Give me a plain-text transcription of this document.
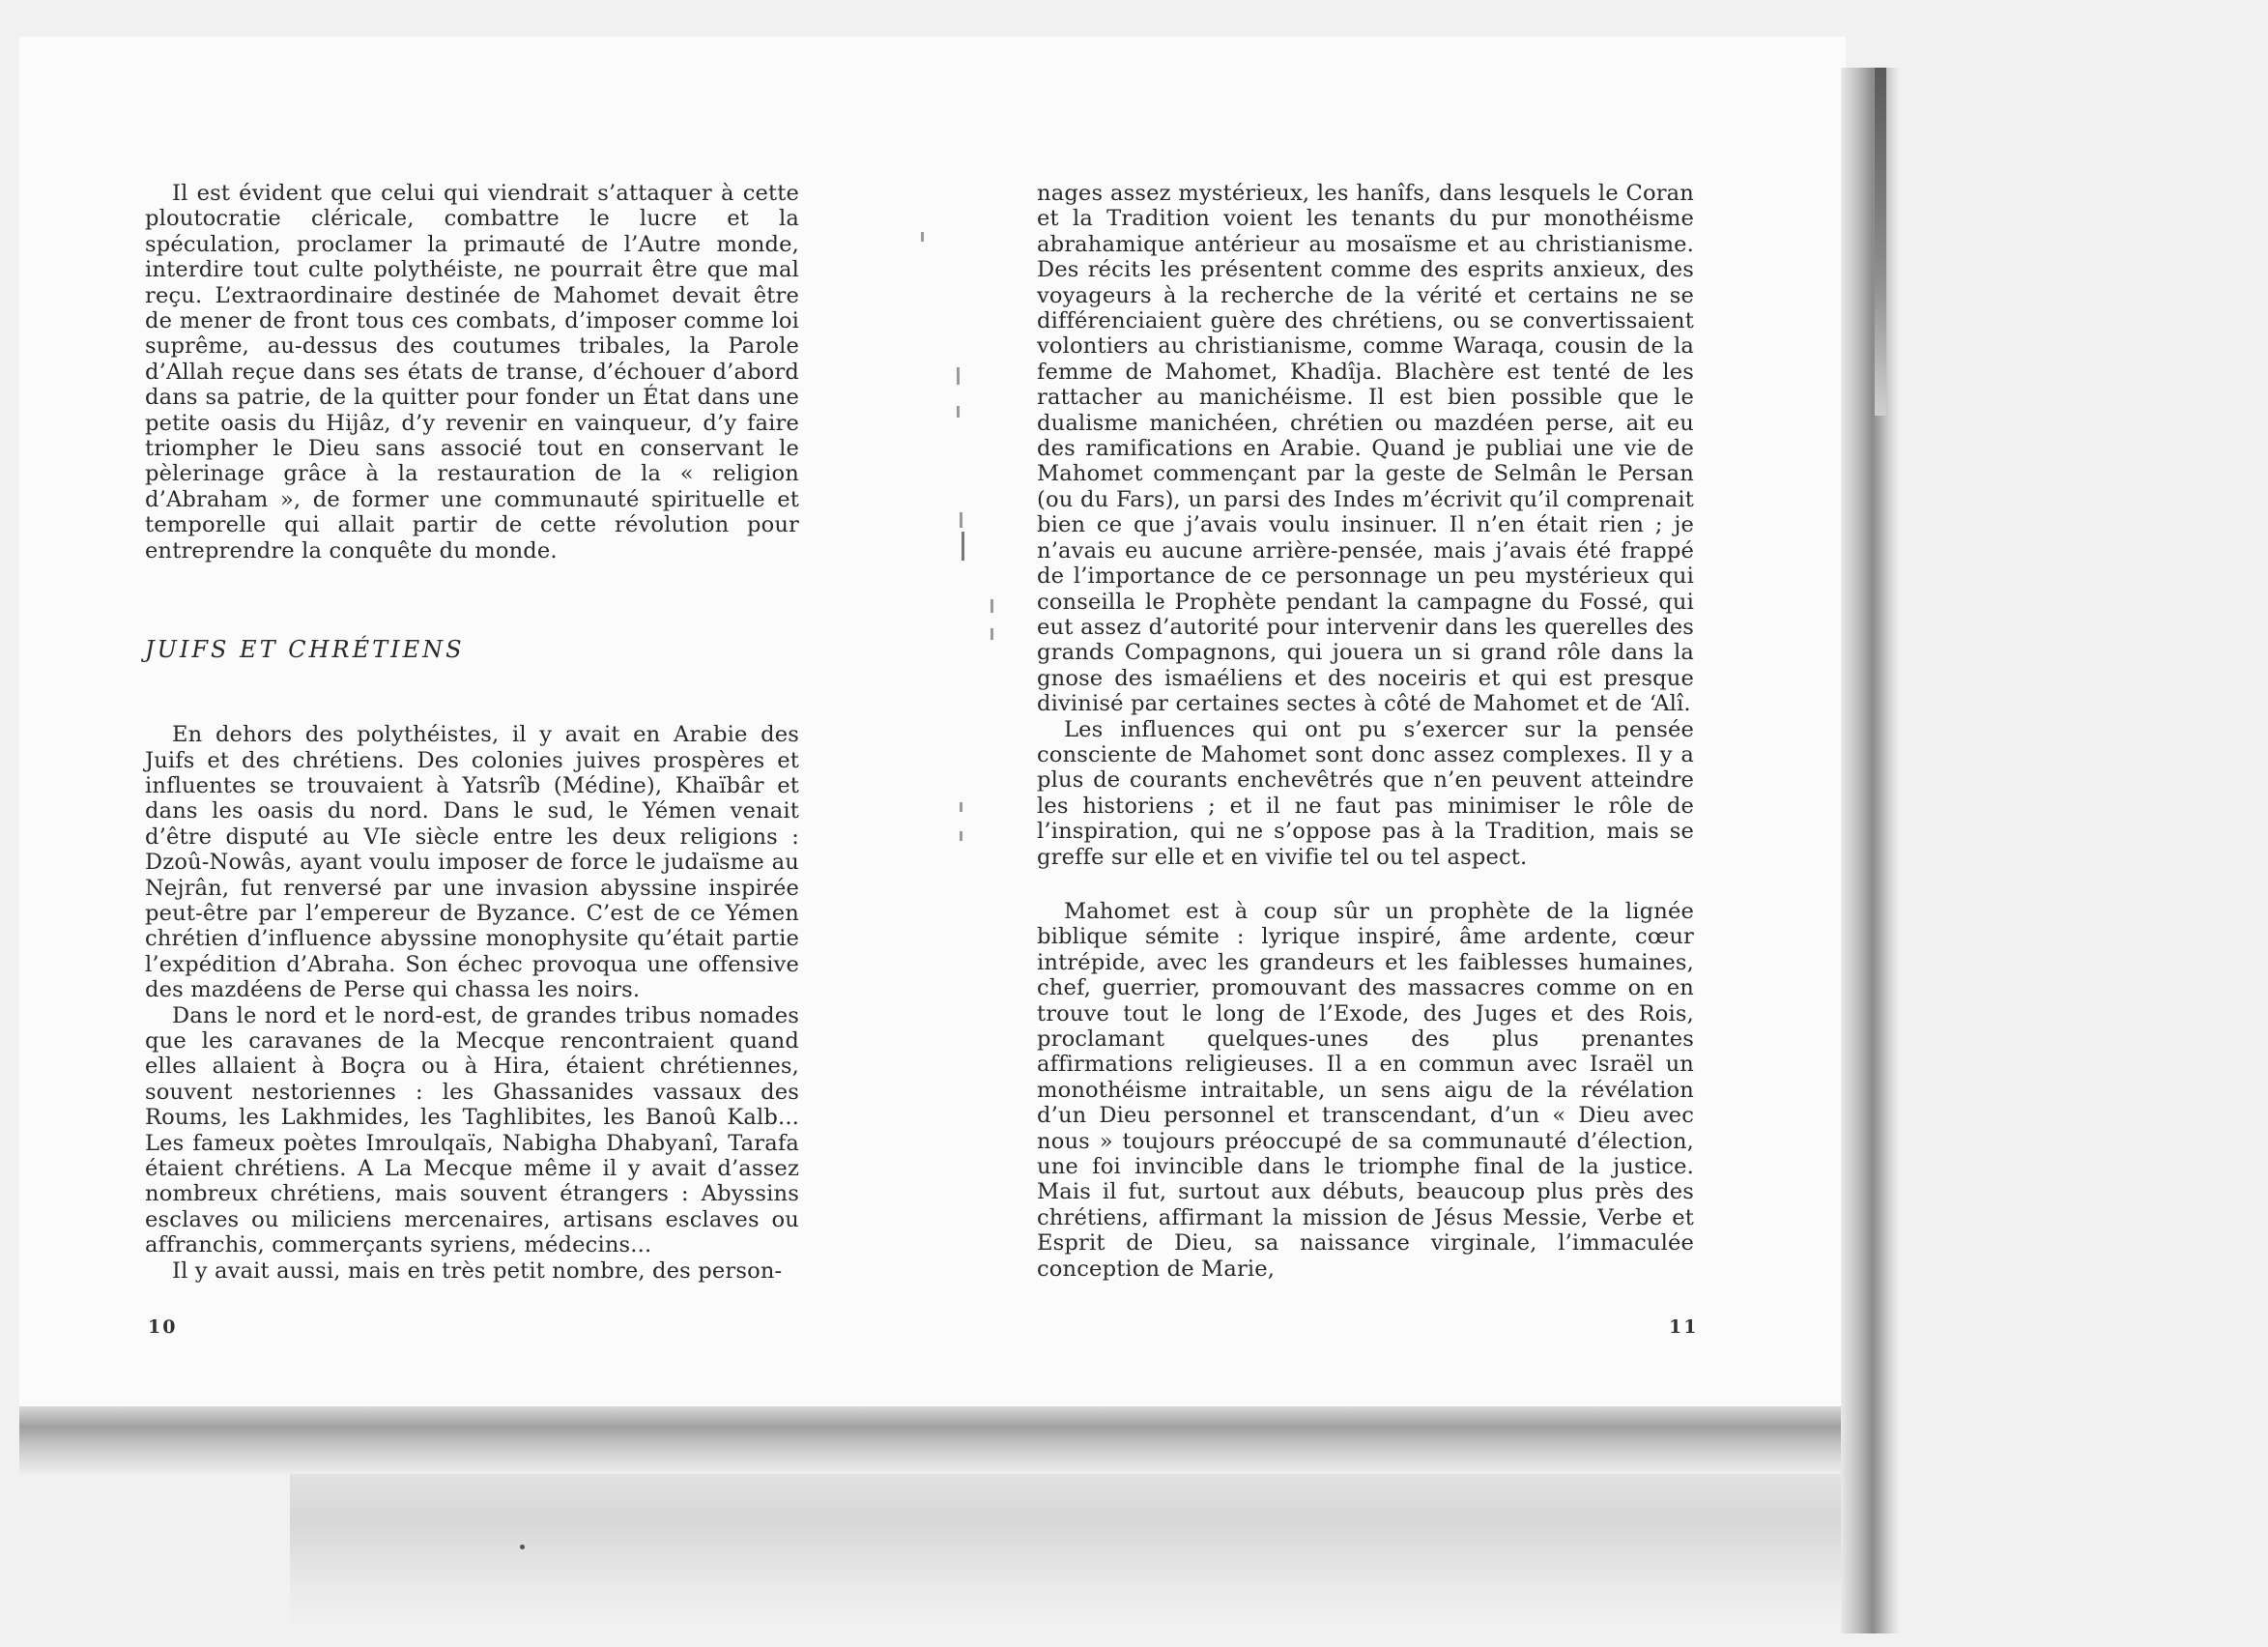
Il est évident que celui qui viendrait s’attaquer à cette ploutocratie cléricale, combattre le lucre et la spéculation, proclamer la primauté de l’Autre monde, interdire tout culte polythéiste, ne pourrait être que mal reçu. L’extraordinaire destinée de Mahomet devait être de mener de front tous ces combats, d’imposer comme loi suprême, au-dessus des coutumes tribales, la Parole d’Allah reçue dans ses états de transe, d’échouer d’abord dans sa patrie, de la quitter pour fonder un État dans une petite oasis du Hijâz, d’y revenir en vainqueur, d’y faire triompher le Dieu sans associé tout en conservant le pèlerinage grâce à la restauration de la « religion d’Abraham », de former une communauté spirituelle et temporelle qui allait partir de cette révolution pour entreprendre la conquête du monde.

JUIFS ET CHRÉTIENS

En dehors des polythéistes, il y avait en Arabie des Juifs et des chrétiens. Des colonies juives prospères et influentes se trouvaient à Yatsrîb (Médine), Khaïbâr et dans les oasis du nord. Dans le sud, le Yémen venait d’être disputé au VIe siècle entre les deux religions : Dzoû-Nowâs, ayant voulu imposer de force le judaïsme au Nejrân, fut renversé par une invasion abyssine inspirée peut-être par l’empereur de Byzance. C’est de ce Yémen chrétien d’influence abyssine monophysite qu’était partie l’expédition d’Abraha. Son échec provoqua une offensive des mazdéens de Perse qui chassa les noirs.

Dans le nord et le nord-est, de grandes tribus nomades que les caravanes de la Mecque rencontraient quand elles allaient à Boçra ou à Hira, étaient chrétiennes, souvent nestoriennes : les Ghassanides vassaux des Roums, les Lakhmides, les Taghlibites, les Banoû Kalb... Les fameux poètes Imroulqaïs, Nabigha Dhabyanî, Tarafa étaient chrétiens. A La Mecque même il y avait d’assez nombreux chrétiens, mais souvent étrangers : Abyssins esclaves ou miliciens mercenaires, artisans esclaves ou affranchis, commerçants syriens, médecins...

Il y avait aussi, mais en très petit nombre, des person-

10

nages assez mystérieux, les hanîfs, dans lesquels le Coran et la Tradition voient les tenants du pur monothéisme abrahamique antérieur au mosaïsme et au christianisme. Des récits les présentent comme des esprits anxieux, des voyageurs à la recherche de la vérité et certains ne se différenciaient guère des chrétiens, ou se convertissaient volontiers au christianisme, comme Waraqa, cousin de la femme de Mahomet, Khadîja. Blachère est tenté de les rattacher au manichéisme. Il est bien possible que le dualisme manichéen, chrétien ou mazdéen perse, ait eu des ramifications en Arabie. Quand je publiai une vie de Mahomet commençant par la geste de Selmân le Persan (ou du Fars), un parsi des Indes m’écrivit qu’il comprenait bien ce que j’avais voulu insinuer. Il n’en était rien ; je n’avais eu aucune arrière-pensée, mais j’avais été frappé de l’importance de ce personnage un peu mystérieux qui conseilla le Prophète pendant la campagne du Fossé, qui eut assez d’autorité pour intervenir dans les querelles des grands Compagnons, qui jouera un si grand rôle dans la gnose des ismaéliens et des noceiris et qui est presque divinisé par certaines sectes à côté de Mahomet et de ‘Alî.

Les influences qui ont pu s’exercer sur la pensée consciente de Mahomet sont donc assez complexes. Il y a plus de courants enchevêtrés que n’en peuvent atteindre les historiens ; et il ne faut pas minimiser le rôle de l’inspiration, qui ne s’oppose pas à la Tradition, mais se greffe sur elle et en vivifie tel ou tel aspect.

Mahomet est à coup sûr un prophète de la lignée biblique sémite : lyrique inspiré, âme ardente, cœur intrépide, avec les grandeurs et les faiblesses humaines, chef, guerrier, promouvant des massacres comme on en trouve tout le long de l’Exode, des Juges et des Rois, proclamant quelques-unes des plus prenantes affirmations religieuses. Il a en commun avec Israël un monothéisme intraitable, un sens aigu de la révélation d’un Dieu personnel et transcendant, d’un « Dieu avec nous » toujours préoccupé de sa communauté d’élection, une foi invincible dans le triomphe final de la justice. Mais il fut, surtout aux débuts, beaucoup plus près des chrétiens, affirmant la mission de Jésus Messie, Verbe et Esprit de Dieu, sa naissance virginale, l’immaculée conception de Marie,

11
